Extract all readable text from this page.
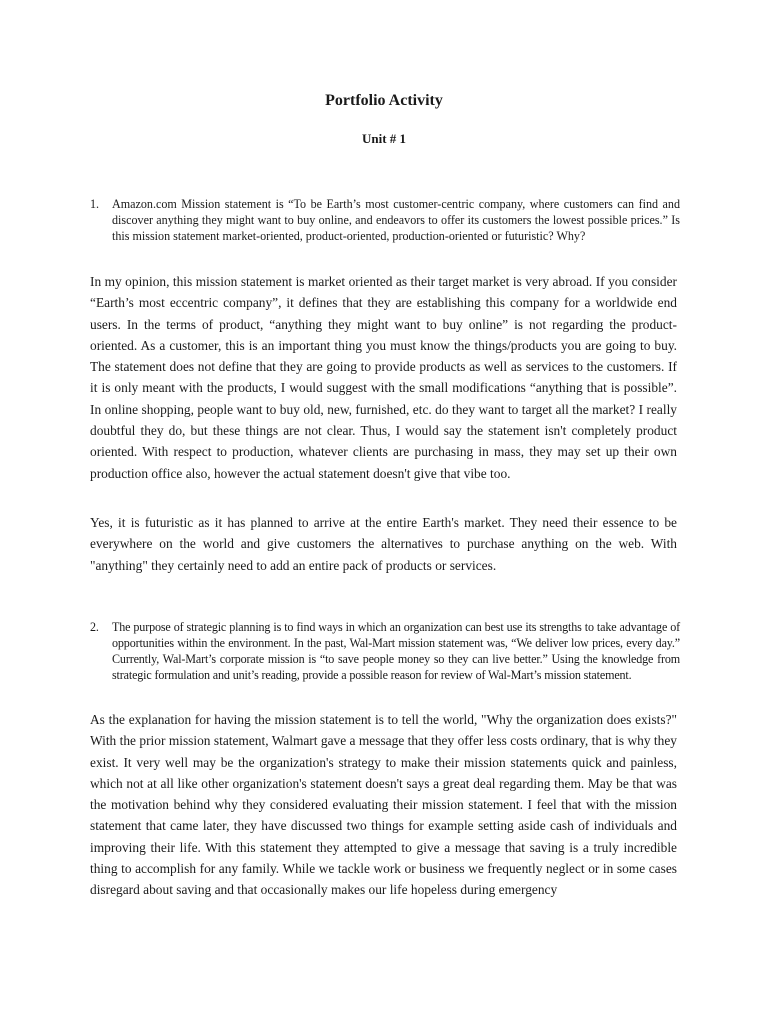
Portfolio Activity
Unit # 1
1.	Amazon.com Mission statement is “To be Earth’s most customer-centric company, where customers can find and discover anything they might want to buy online, and endeavors to offer its customers the lowest possible prices.” Is this mission statement market-oriented, product-oriented, production-oriented or futuristic? Why?

In my opinion, this mission statement is market oriented as their target market is very abroad. If you consider “Earth’s most eccentric company”, it defines that they are establishing this company for a worldwide end users. In the terms of product, “anything they might want to buy online” is not regarding the product-oriented. As a customer, this is an important thing you must know the things/products you are going to buy. The statement does not define that they are going to provide products as well as services to the customers. If it is only meant with the products, I would suggest with the small modifications “anything that is possible”. In online shopping, people want to buy old, new, furnished, etc. do they want to target all the market? I really doubtful they do, but these things are not clear. Thus, I would say the statement isn't completely product oriented. With respect to production, whatever clients are purchasing in mass, they may set up their own production office also, however the actual statement doesn't give that vibe too.

Yes, it is futuristic as it has planned to arrive at the entire Earth's market. They need their essence to be everywhere on the world and give customers the alternatives to purchase anything on the web. With "anything" they certainly need to add an entire pack of products or services.

2.	The purpose of strategic planning is to find ways in which an organization can best use its strengths to take advantage of opportunities within the environment. In the past, Wal-Mart mission statement was, “We deliver low prices, every day.” Currently, Wal-Mart’s corporate mission is “to save people money so they can live better.” Using the knowledge from strategic formulation and unit’s reading, provide a possible reason for review of Wal-Mart’s mission statement.

As the explanation for having the mission statement is to tell the world, "Why the organization does exists?" With the prior mission statement, Walmart gave a message that they offer less costs ordinary, that is why they exist. It very well may be the organization's strategy to make their mission statements quick and painless, which not at all like other organization's statement doesn't says a great deal regarding them. May be that was the motivation behind why they considered evaluating their mission statement. I feel that with the mission statement that came later, they have discussed two things for example setting aside cash of individuals and improving their life. With this statement they attempted to give a message that saving is a truly incredible thing to accomplish for any family. While we tackle work or business we frequently neglect or in some cases disregard about saving and that occasionally makes our life hopeless during emergency
